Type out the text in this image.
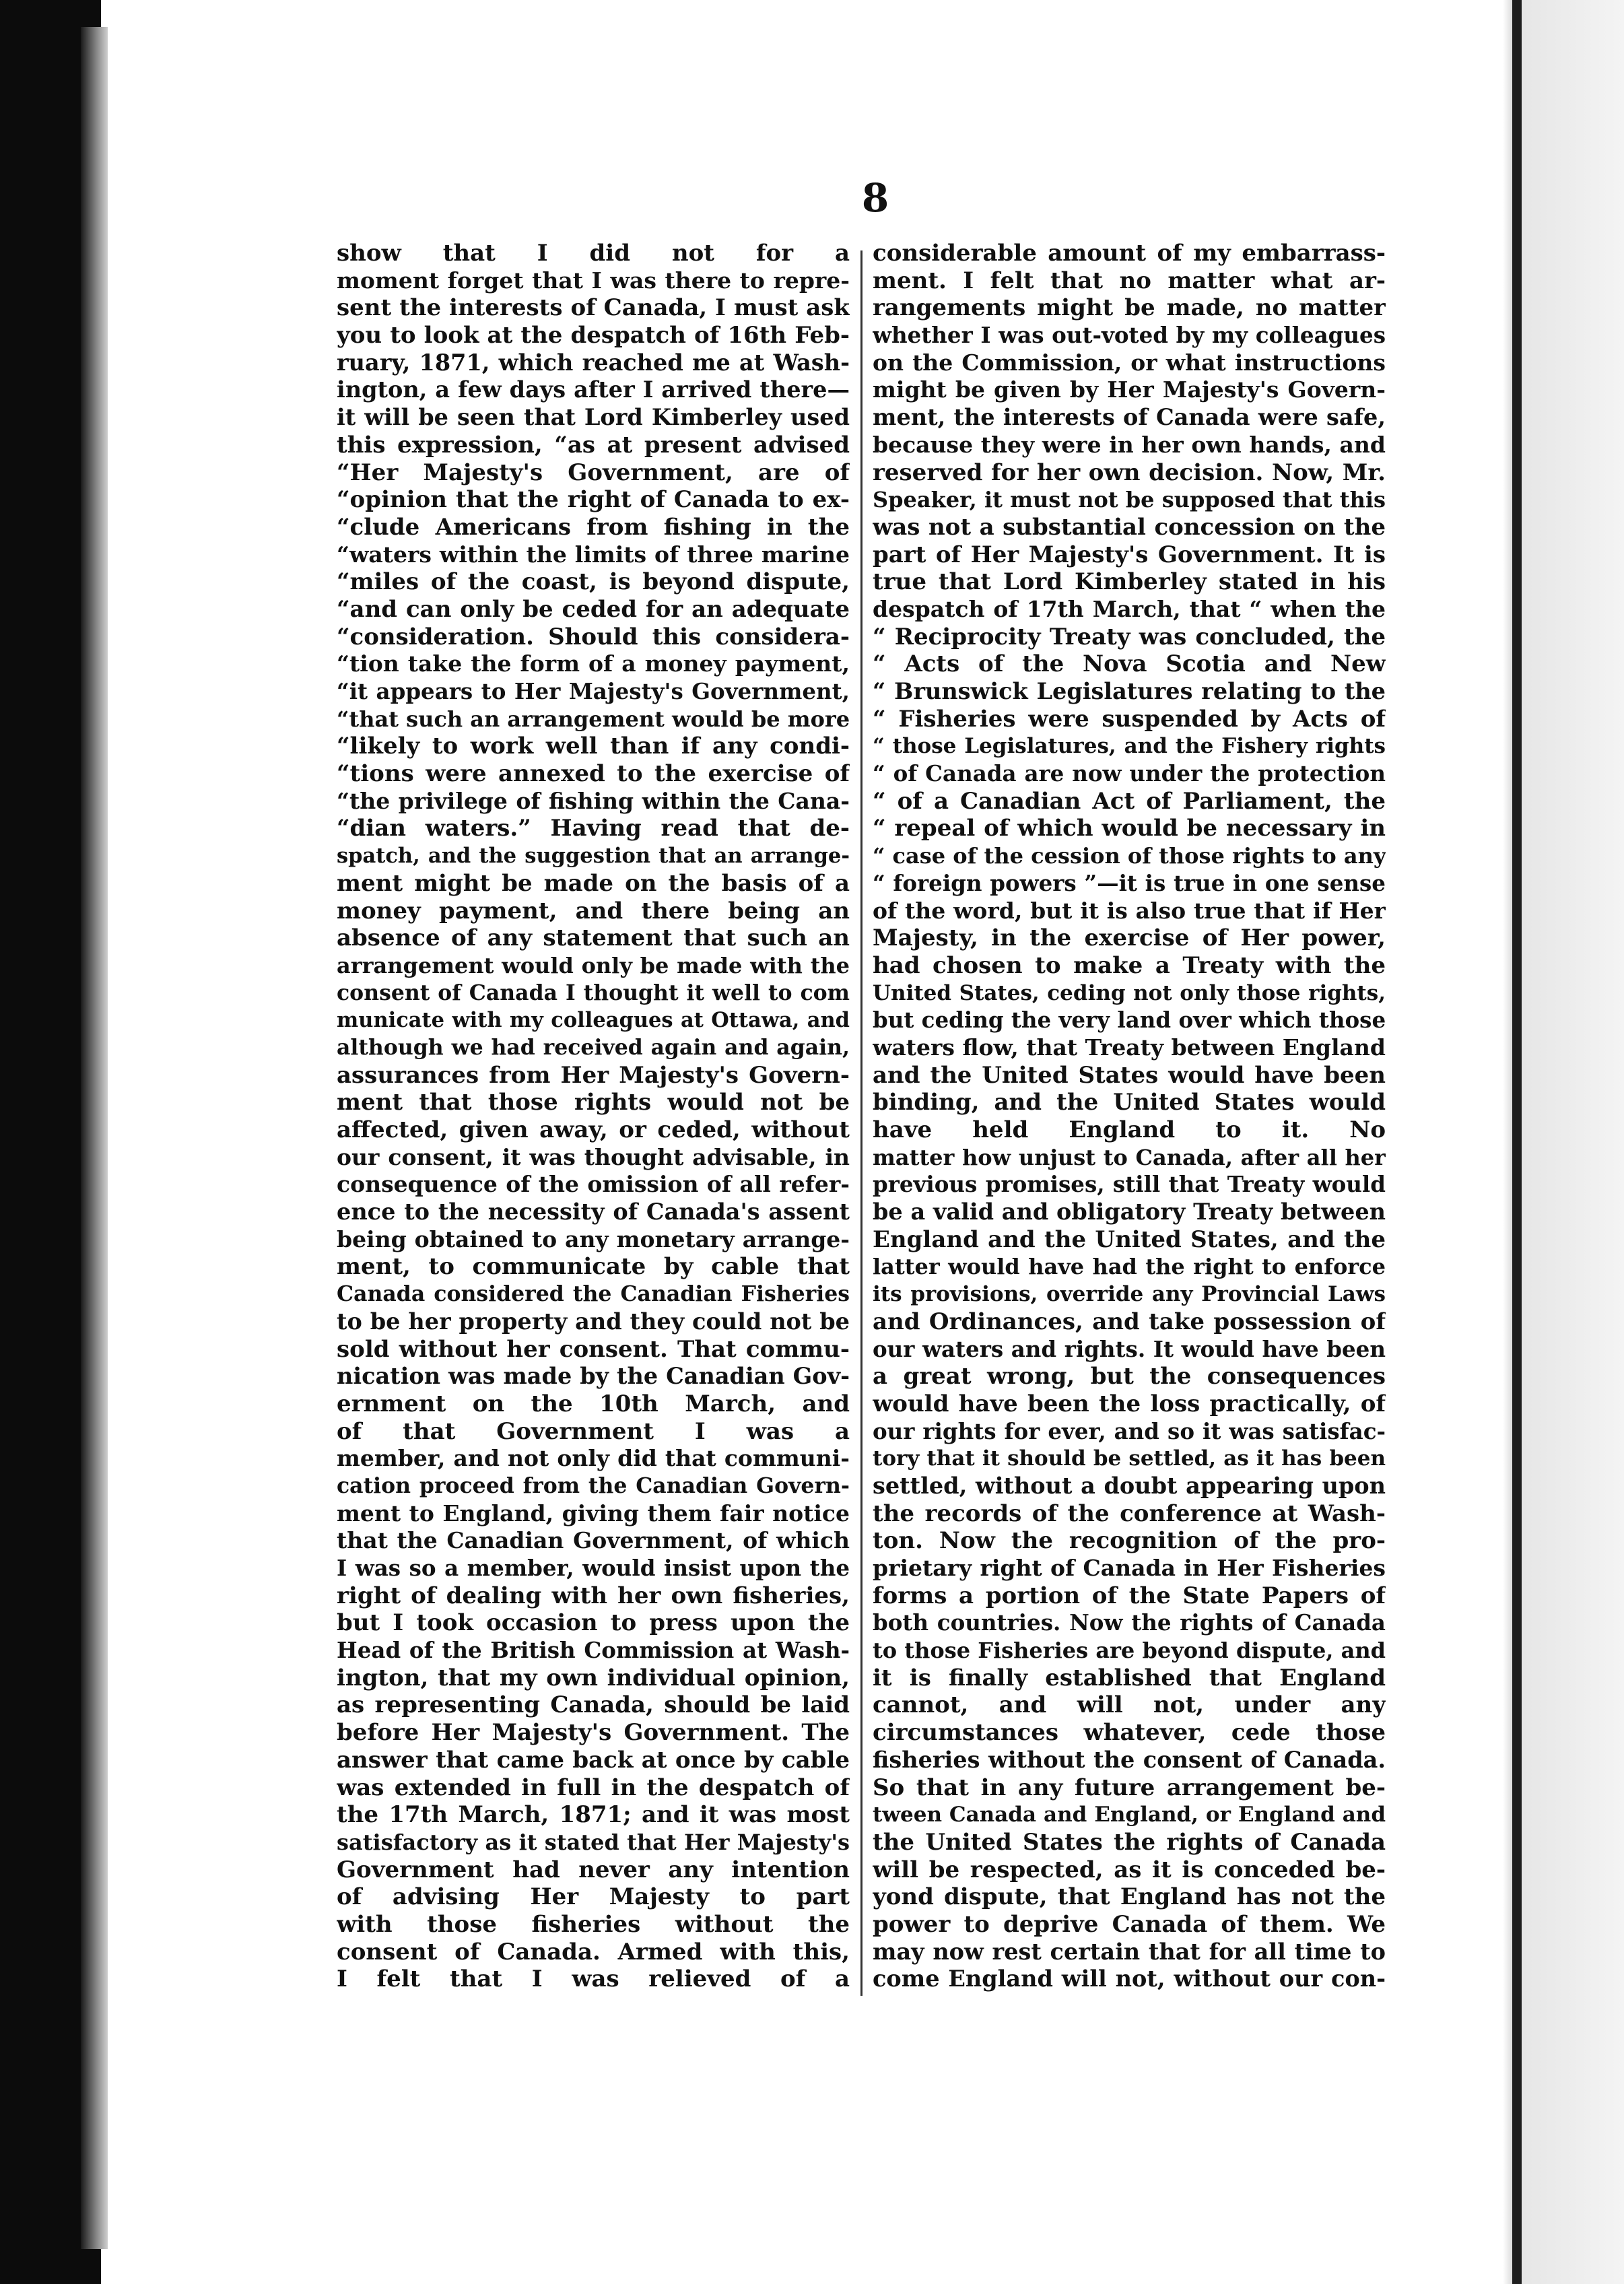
8
show that I did not for a
moment forget that I was there to repre-
sent the interests of Canada, I must ask
you to look at the despatch of 16th Feb-
ruary, 1871, which reached me at Wash-
ington, a few days after I arrived there—
it will be seen that Lord Kimberley used
this expression, “as at present advised
“Her Majesty's Government, are of
“opinion that the right of Canada to ex-
“clude Americans from fishing in the
“waters within the limits of three marine
“miles of the coast, is beyond dispute,
“and can only be ceded for an adequate
“consideration. Should this considera-
“tion take the form of a money payment,
“it appears to Her Majesty's Government,
“that such an arrangement would be more
“likely to work well than if any condi-
“tions were annexed to the exercise of
“the privilege of fishing within the Cana-
“dian waters.” Having read that de-
spatch, and the suggestion that an arrange-
ment might be made on the basis of a
money payment, and there being an
absence of any statement that such an
arrangement would only be made with the
consent of Canada I thought it well to com
municate with my colleagues at Ottawa, and
although we had received again and again,
assurances from Her Majesty's Govern-
ment that those rights would not be
affected, given away, or ceded, without
our consent, it was thought advisable, in
consequence of the omission of all refer-
ence to the necessity of Canada's assent
being obtained to any monetary arrange-
ment, to communicate by cable that
Canada considered the Canadian Fisheries
to be her property and they could not be
sold without her consent. That commu-
nication was made by the Canadian Gov-
ernment on the 10th March, and
of that Government I was a
member, and not only did that communi-
cation proceed from the Canadian Govern-
ment to England, giving them fair notice
that the Canadian Government, of which
I was so a member, would insist upon the
right of dealing with her own fisheries,
but I took occasion to press upon the
Head of the British Commission at Wash-
ington, that my own individual opinion,
as representing Canada, should be laid
before Her Majesty's Government. The
answer that came back at once by cable
was extended in full in the despatch of
the 17th March, 1871; and it was most
satisfactory as it stated that Her Majesty's
Government had never any intention
of advising Her Majesty to part
with those fisheries without the
consent of Canada. Armed with this,
I felt that I was relieved of a
considerable amount of my embarrass-
ment. I felt that no matter what ar-
rangements might be made, no matter
whether I was out-voted by my colleagues
on the Commission, or what instructions
might be given by Her Majesty's Govern-
ment, the interests of Canada were safe,
because they were in her own hands, and
reserved for her own decision. Now, Mr.
Speaker, it must not be supposed that this
was not a substantial concession on the
part of Her Majesty's Government. It is
true that Lord Kimberley stated in his
despatch of 17th March, that “ when the
“ Reciprocity Treaty was concluded, the
“ Acts of the Nova Scotia and New
“ Brunswick Legislatures relating to the
“ Fisheries were suspended by Acts of
“ those Legislatures, and the Fishery rights
“ of Canada are now under the protection
“ of a Canadian Act of Parliament, the
“ repeal of which would be necessary in
“ case of the cession of those rights to any
“ foreign powers ”—it is true in one sense
of the word, but it is also true that if Her
Majesty, in the exercise of Her power,
had chosen to make a Treaty with the
United States, ceding not only those rights,
but ceding the very land over which those
waters flow, that Treaty between England
and the United States would have been
binding, and the United States would
have held England to it. No
matter how unjust to Canada, after all her
previous promises, still that Treaty would
be a valid and obligatory Treaty between
England and the United States, and the
latter would have had the right to enforce
its provisions, override any Provincial Laws
and Ordinances, and take possession of
our waters and rights. It would have been
a great wrong, but the consequences
would have been the loss practically, of
our rights for ever, and so it was satisfac-
tory that it should be settled, as it has been
settled, without a doubt appearing upon
the records of the conference at Wash-
ton. Now the recognition of the pro-
prietary right of Canada in Her Fisheries
forms a portion of the State Papers of
both countries. Now the rights of Canada
to those Fisheries are beyond dispute, and
it is finally established that England
cannot, and will not, under any
circumstances whatever, cede those
fisheries without the consent of Canada.
So that in any future arrangement be-
tween Canada and England, or England and
the United States the rights of Canada
will be respected, as it is conceded be-
yond dispute, that England has not the
power to deprive Canada of them. We
may now rest certain that for all time to
come England will not, without our con-
